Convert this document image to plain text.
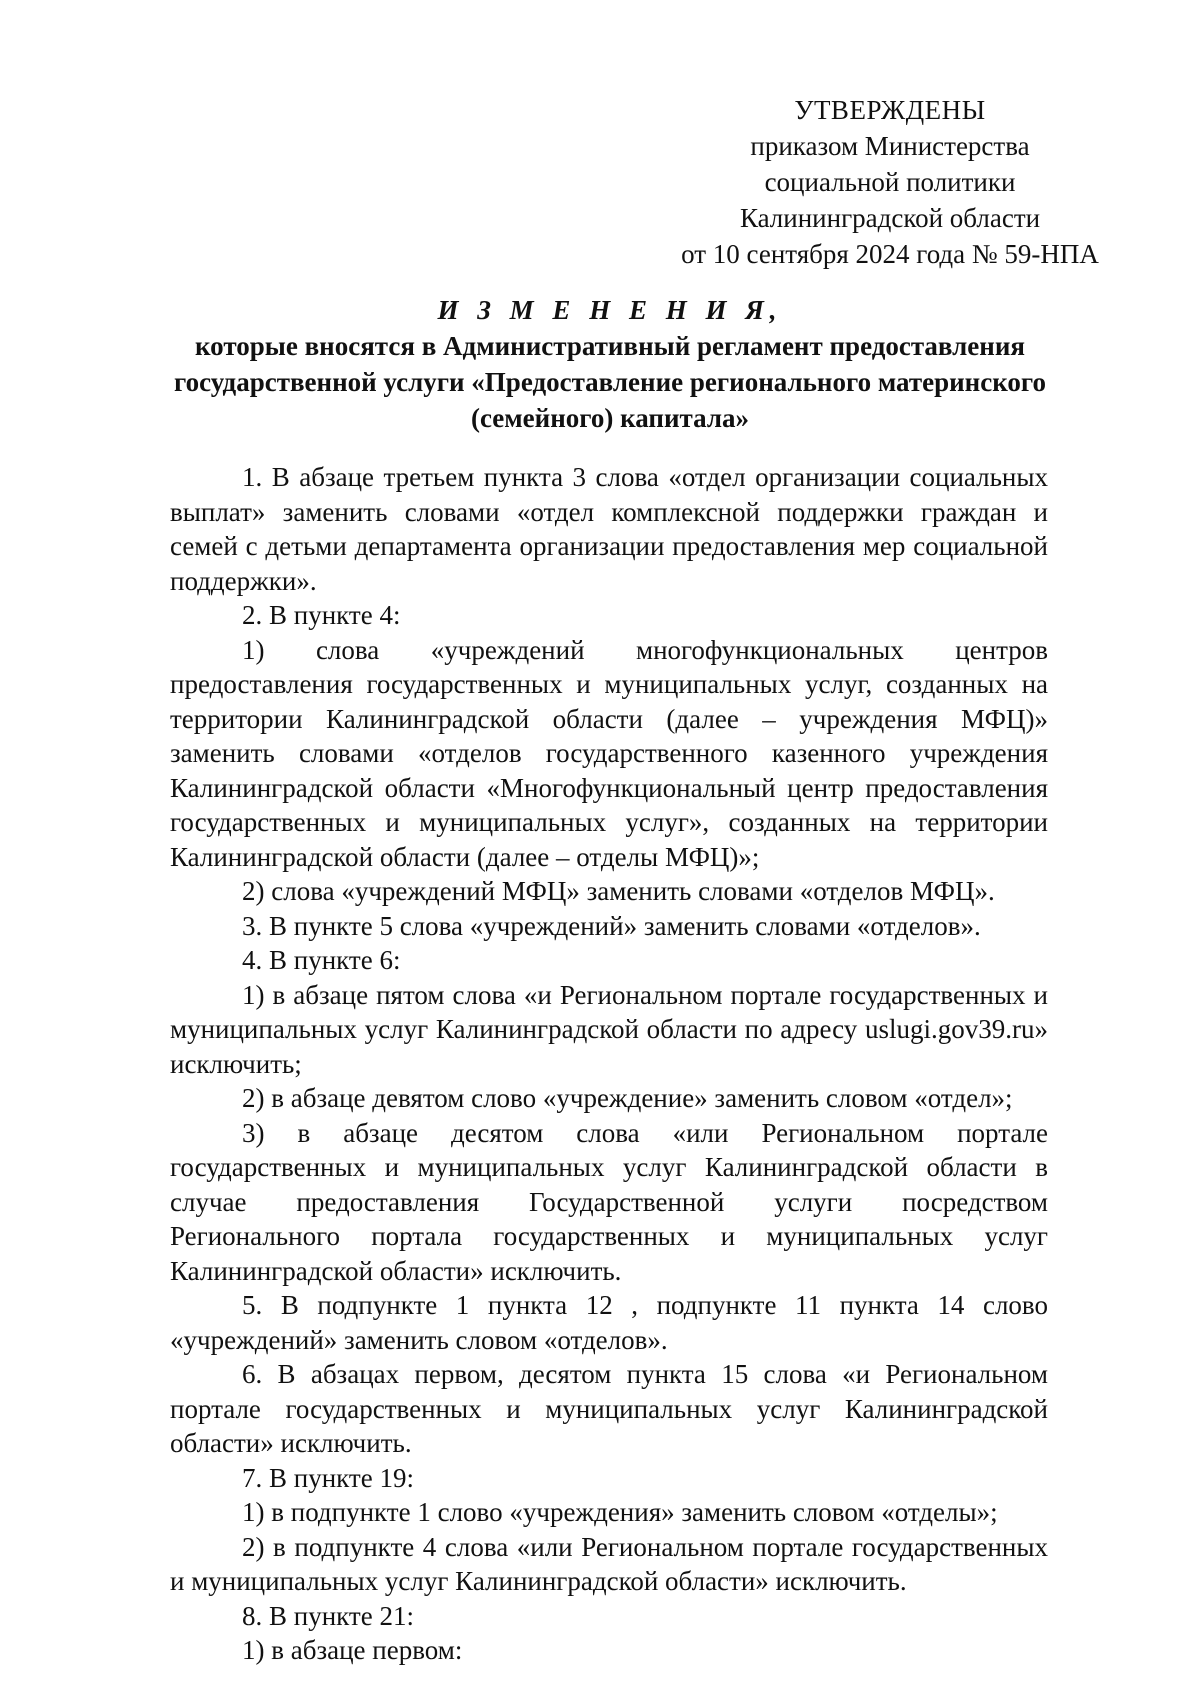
УТВЕРЖДЕНЫ
приказом Министерства
социальной политики
Калининградской области
от 10 сентября 2024 года № 59-НПА
И З М Е Н Е Н И Я,
которые вносятся в Административный регламент предоставления
государственной услуги «Предоставление регионального материнского
(семейного) капитала»

1. В абзаце третьем пункта 3 слова «отдел организации социальных выплат» заменить словами «отдел комплексной поддержки граждан и семей с детьми департамента организации предоставления мер социальной поддержки».

2. В пункте 4:

1) слова «учреждений многофункциональных центров предоставления государственных и муниципальных услуг, созданных на территории Калининградской области (далее – учреждения МФЦ)» заменить словами «отделов государственного казенного учреждения Калининградской области «Многофункциональный центр предоставления государственных и муниципальных услуг», созданных на территории Калининградской области (далее – отделы МФЦ)»;

2) слова «учреждений МФЦ» заменить словами «отделов МФЦ».

3. В пункте 5 слова «учреждений» заменить словами «отделов».

4. В пункте 6:

1) в абзаце пятом слова «и Региональном портале государственных и муниципальных услуг Калининградской области по адресу uslugi.gov39.ru» исключить;

2) в абзаце девятом слово «учреждение» заменить словом «отдел»;

3) в абзаце десятом слова «или Региональном портале государственных и муниципальных услуг Калининградской области в случае предоставления Государственной услуги посредством Регионального портала государственных и муниципальных услуг Калининградской области» исключить.

5. В подпункте 1 пункта 12 , подпункте 11 пункта 14 слово «учреждений» заменить словом «отделов».

6. В абзацах первом, десятом пункта 15 слова «и Региональном портале государственных и муниципальных услуг Калининградской области» исключить.

7. В пункте 19:

1) в подпункте 1 слово «учреждения» заменить словом «отделы»;

2) в подпункте 4 слова «или Региональном портале государственных и муниципальных услуг Калининградской области» исключить.

8. В пункте 21:

1) в абзаце первом:
